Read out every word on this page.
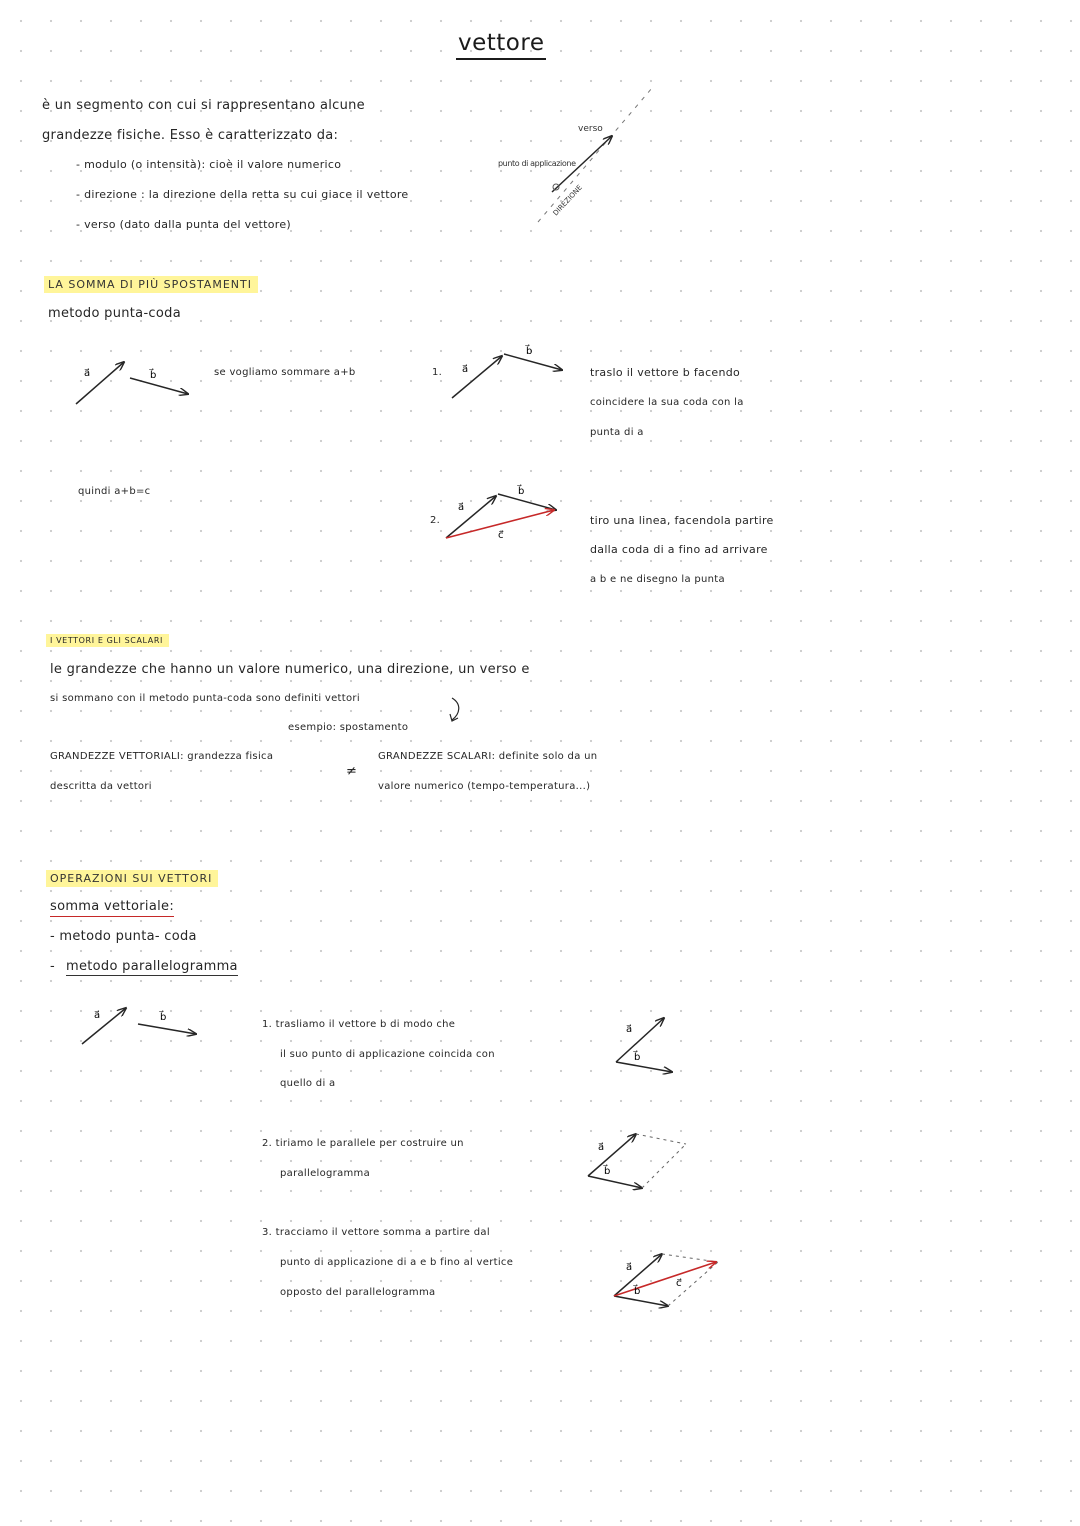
vettore
è un segmento con cui si rappresentano alcune
grandezze fisiche. Esso è caratterizzato da:
- modulo (o intensità): cioè il valore numerico
- direzione : la direzione della retta su cui giace il vettore
- verso (dato dalla punta del vettore)
verso
punto di applicazione
DIREZIONE
LA SOMMA DI PIÙ SPOSTAMENTI
metodo punta-coda
a⃗	b⃗	se vogliamo sommare a+b	1. a⃗
b⃗
traslo il vettore b facendo
coincidere la sua coda con la
punta di a
quindi a+b=c
2.
a⃗
b⃗
c⃗
tiro una linea, facendola partire
dalla coda di a fino ad arrivare
a b e ne disegno la punta
I VETTORI E GLI SCALARI
le grandezze che hanno un valore numerico, una direzione, un verso e
si sommano con il metodo punta-coda sono definiti vettori
esempio: spostamento
GRANDEZZE VETTORIALI: grandezza fisica
descritta da vettori
≠
GRANDEZZE SCALARI: definite solo da un
valore numerico (tempo-temperatura...)
OPERAZIONI SUI VETTORI
somma vettoriale:
- metodo punta- coda
- metodo parallelogramma
a⃗	b⃗
1. trasliamo il vettore b di modo che
il suo punto di applicazione coincida con
quello di a
a⃗
b⃗
2. tiriamo le parallele per costruire un
parallelogramma
a⃗
b⃗
3. tracciamo il vettore somma a partire dal
punto di applicazione di a e b fino al vertice
opposto del parallelogramma
a⃗
b⃗
c⃗
